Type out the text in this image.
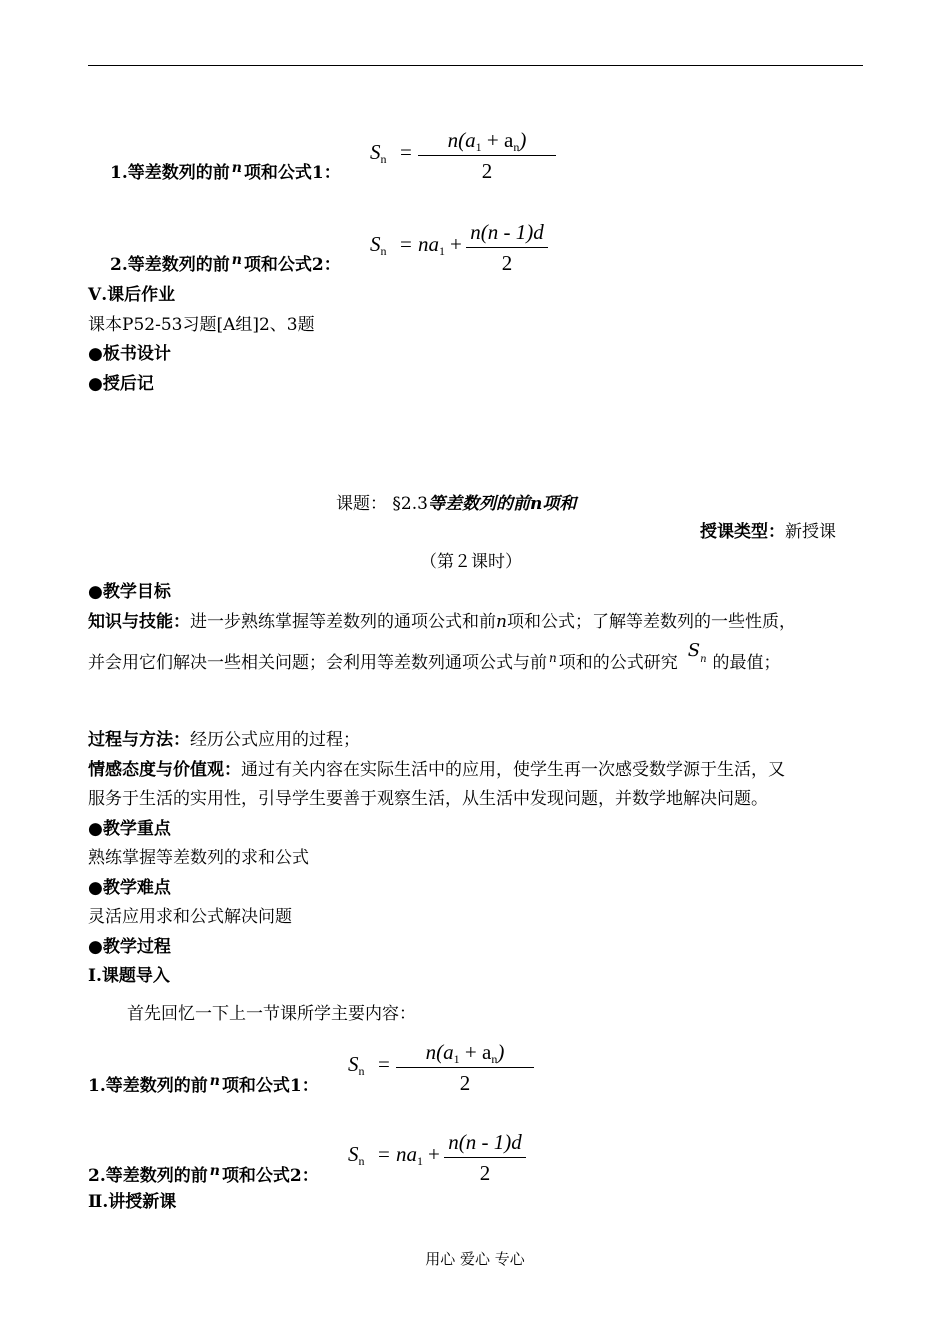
1.等差数列的前 $^n$ 项和公式1：
Sn =	n(a1 + an)
2
2.等差数列的前 $^n$ 项和公式2：
Sn = na1 + n(n - 1)d
2
Ⅴ.课后作业
课本P52-53习题[A组]2、3题
●板书设计
●授后记
课题： §2.3等差数列的前n项和
授课类型：新授课
（第２课时）
●教学目标
知识与技能：进一步熟练掌握等差数列的通项公式和前n项和公式；了解等差数列的一些性质，
并会用它们解决一些相关问题；会利用等差数列通项公式与前 $^n$ 项和的公式研究$S^n$ 的最值；
过程与方法：经历公式应用的过程；
情感态度与价值观：通过有关内容在实际生活中的应用，使学生再一次感受数学源于生活，又
服务于生活的实用性，引导学生要善于观察生活，从生活中发现问题，并数学地解决问题。
●教学重点
熟练掌握等差数列的求和公式
●教学难点
灵活应用求和公式解决问题
●教学过程
Ⅰ.课题导入
首先回忆一下上一节课所学主要内容：
1.等差数列的前 $^n$ 项和公式1：
Sn =	n(a1 + an)
2
2.等差数列的前 $^n$ 项和公式2：
Sn = na1 + n(n - 1)d
2
Ⅱ.讲授新课
用心 爱心 专心
